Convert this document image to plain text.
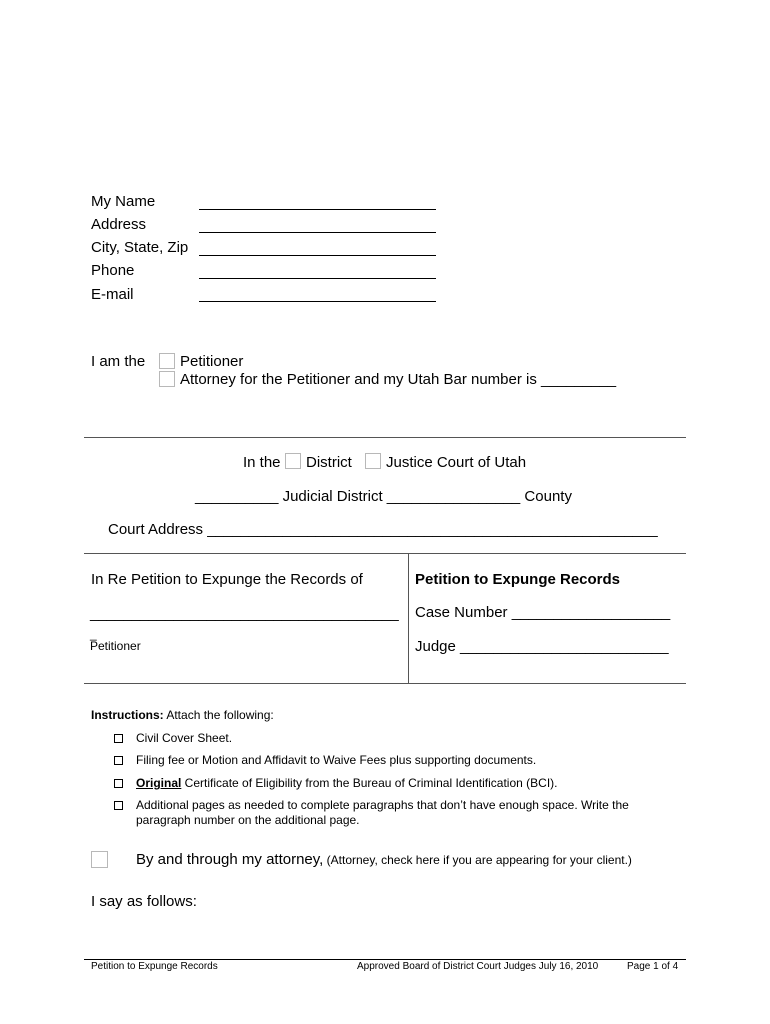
My Name
Address
City, State, Zip
Phone
E-mail
I am the Petitioner
Attorney for the Petitioner and my Utah Bar number is _________
In the District Justice Court of Utah
__________ Judicial District ________________ County
Court Address ______________________________________________________
In Re Petition to Expunge the Records of
_____________________________________
_
Petitioner
Petition to Expunge Records
Case Number ___________________
Judge _________________________
Instructions: Attach the following:
Civil Cover Sheet.
Filing fee or Motion and Affidavit to Waive Fees plus supporting documents.
Original Certificate of Eligibility from the Bureau of Criminal Identification (BCI).
Additional pages as needed to complete paragraphs that don’t have enough space. Write the paragraph number on the additional page.
By and through my attorney, (Attorney, check here if you are appearing for your client.)
I say as follows:
Petition to Expunge Records	Approved Board of District Court Judges July 16, 2010	Page 1 of 4
